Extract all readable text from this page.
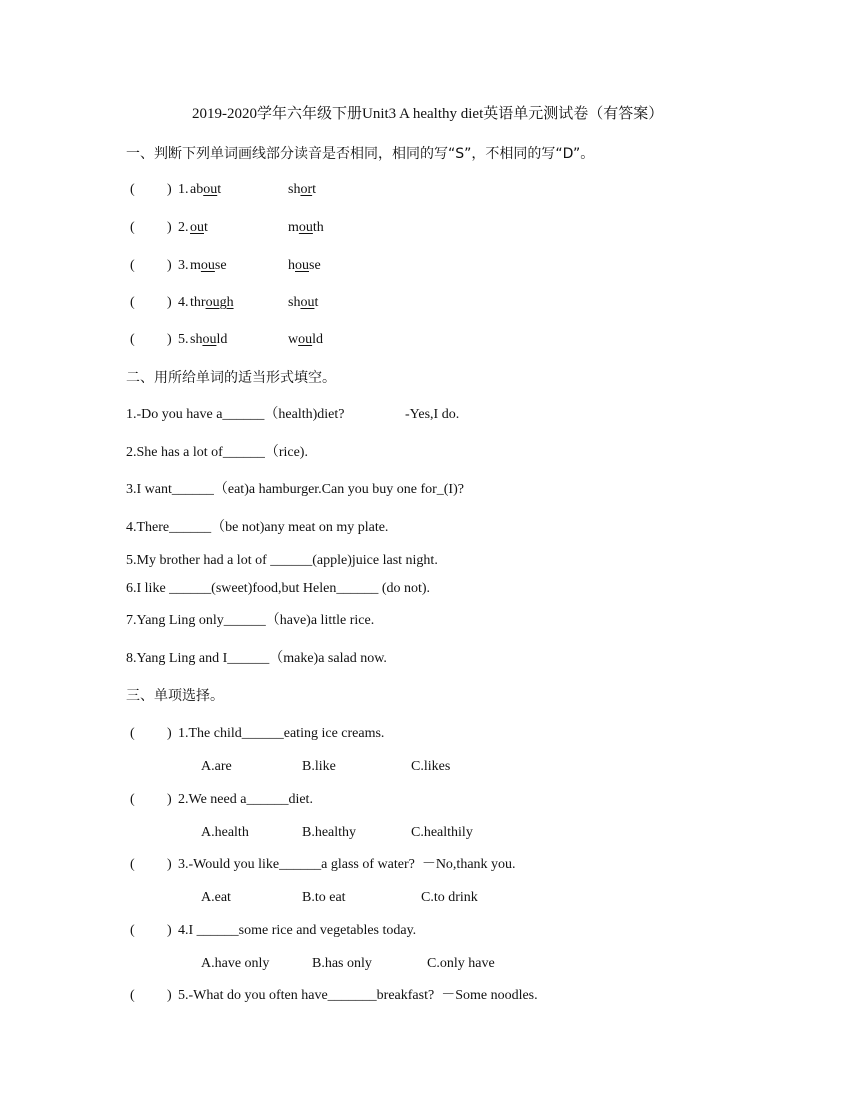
2019-2020学年六年级下册Unit3 A healthy diet英语单元测试卷（有答案）
一、判断下列单词画线部分读音是否相同，相同的写“S”，不相同的写“D”。
( ) 1. about	short
( ) 2. out	mouth
( ) 3. mouse	house
( ) 4. through	shout
( ) 5. should	would
二、用所给单词的适当形式填空。
1.-Do you have a______（health)diet?	-Yes,I do.
2.She has a lot of______（rice).
3.I want______（eat)a hamburger.Can you buy one for_(I)?
4.There______（be not)any meat on my plate.
5.My brother had a lot of ______(apple)juice last night.
6.I like ______(sweet)food,but Helen______ (do not).
7.Yang Ling only______（have)a little rice.
8.Yang Ling and I______（make)a salad now.
三、单项选择。
( ) 1.The child______eating ice creams.
A.are	B.like	C.likes
( ) 2.We need a______diet.
A.health	B.healthy	C.healthily
( ) 3.-Would you like______a glass of water?  －No,thank you.
A.eat	B.to eat	C.to drink
( ) 4.I ______some rice and vegetables today.
A.have only	B.has only	C.only have
( ) 5.-What do you often have_______breakfast?  －Some noodles.
